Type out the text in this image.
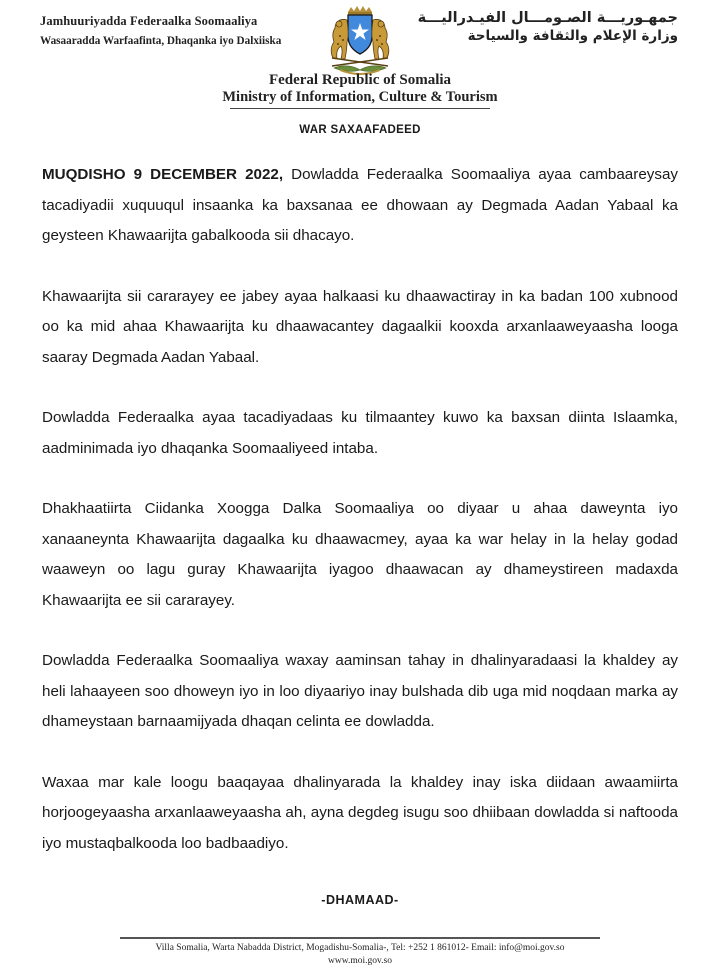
Jamhuuriyadda Federaalka Soomaaliya
Wasaaradda Warfaafinta, Dhaqanka iyo Dalxiiska
جمهـوريـــة الصـومـــال الفيـدراليـــة
وزارة الإعلام والثقافة والسياحة
Federal Republic of Somalia
Ministry of Information, Culture & Tourism
WAR SAXAAFADEED

MUQDISHO 9 DECEMBER 2022, Dowladda Federaalka Soomaaliya ayaa cambaareysay tacadiyadii xuquuqul insaanka ka baxsanaa ee dhowaan ay Degmada Aadan Yabaal ka geysteen Khawaarijta gabalkooda sii dhacayo.

Khawaarijta sii cararayey ee jabey ayaa halkaasi ku dhaawactiray in ka badan 100 xubnood oo ka mid ahaa Khawaarijta ku dhaawacantey dagaalkii kooxda arxanlaaweyaasha looga saaray Degmada Aadan Yabaal.

Dowladda Federaalka ayaa tacadiyadaas ku tilmaantey kuwo ka baxsan diinta Islaamka, aadminimada iyo dhaqanka Soomaaliyeed intaba.

Dhakhaatiirta Ciidanka Xoogga Dalka Soomaaliya oo diyaar u ahaa daweynta iyo xanaaneynta Khawaarijta dagaalka ku dhaawacmey, ayaa ka war helay in la helay godad waaweyn oo lagu guray Khawaarijta iyagoo dhaawacan ay dhameystireen madaxda Khawaarijta ee sii cararayey.

Dowladda Federaalka Soomaaliya waxay aaminsan tahay in dhalinyaradaasi la khaldey ay heli lahaayeen soo dhoweyn iyo in loo diyaariyo inay bulshada dib uga mid noqdaan marka ay dhameystaan barnaamijyada dhaqan celinta ee dowladda.

Waxaa mar kale loogu baaqayaa dhalinyarada la khaldey inay iska diidaan awaamiirta horjoogeyaasha arxanlaaweyaasha ah, ayna degdeg isugu soo dhiibaan dowladda si naftooda iyo mustaqbalkooda loo badbaadiyo.

-DHAMAAD-
Villa Somalia, Warta Nabadda District, Mogadishu-Somalia-, Tel: +252 1 861012- Email: info@moi.gov.so
www.moi.gov.so
